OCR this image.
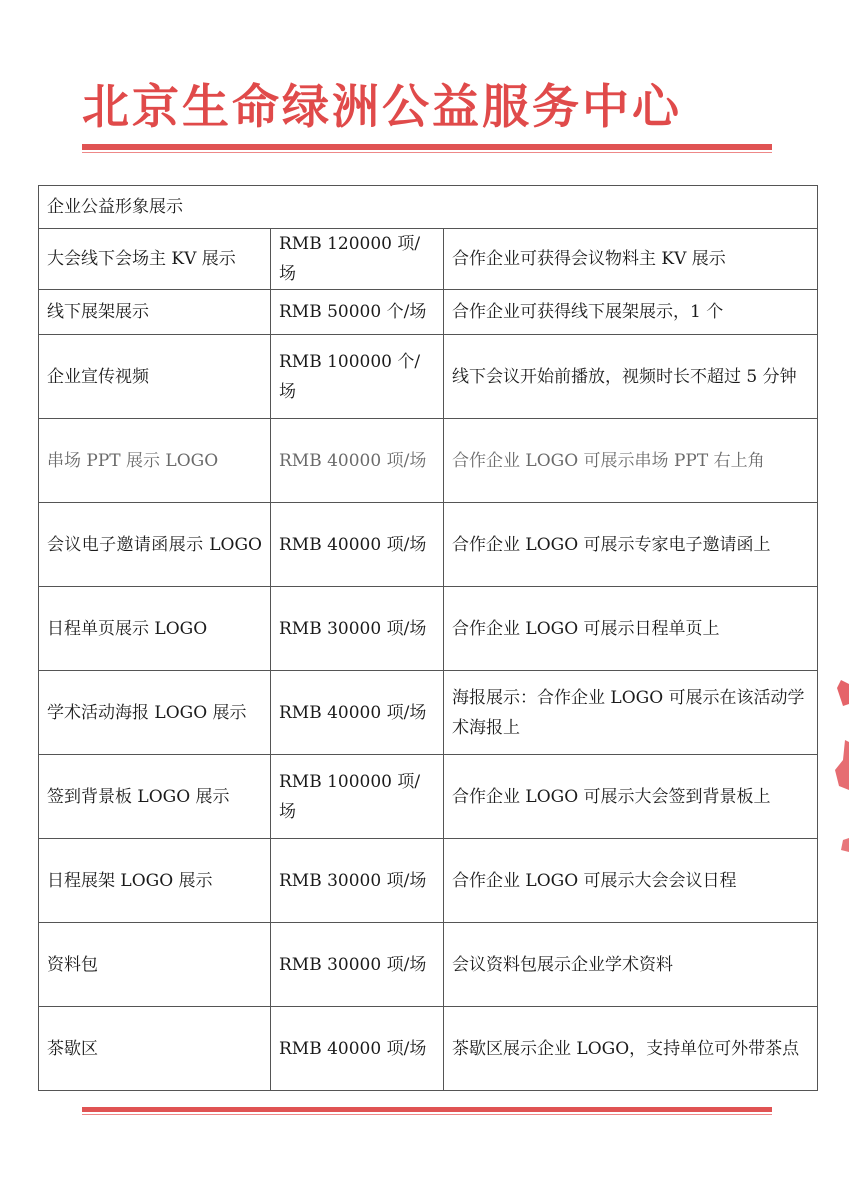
北京生命绿洲公益服务中心
企业公益形象展示		
大会线下会场主 KV 展示	RMB 120000 项/场	合作企业可获得会议物料主 KV 展示
线下展架展示	RMB 50000 个/场	合作企业可获得线下展架展示，1 个
企业宣传视频	RMB 100000 个/场	线下会议开始前播放，视频时长不超过 5 分钟
串场 PPT 展示 LOGO	RMB 40000 项/场	合作企业 LOGO 可展示串场 PPT 右上角
会议电子邀请函展示 LOGO	RMB 40000 项/场	合作企业 LOGO 可展示专家电子邀请函上
日程单页展示 LOGO	RMB 30000 项/场	合作企业 LOGO 可展示日程单页上
学术活动海报 LOGO 展示	RMB 40000 项/场	海报展示：合作企业 LOGO 可展示在该活动学术海报上
签到背景板 LOGO 展示	RMB 100000 项/场	合作企业 LOGO 可展示大会签到背景板上
日程展架 LOGO 展示	RMB 30000 项/场	合作企业 LOGO 可展示大会会议日程
资料包	RMB 30000 项/场	会议资料包展示企业学术资料
茶歇区	RMB 40000 项/场	茶歇区展示企业 LOGO，支持单位可外带茶点
